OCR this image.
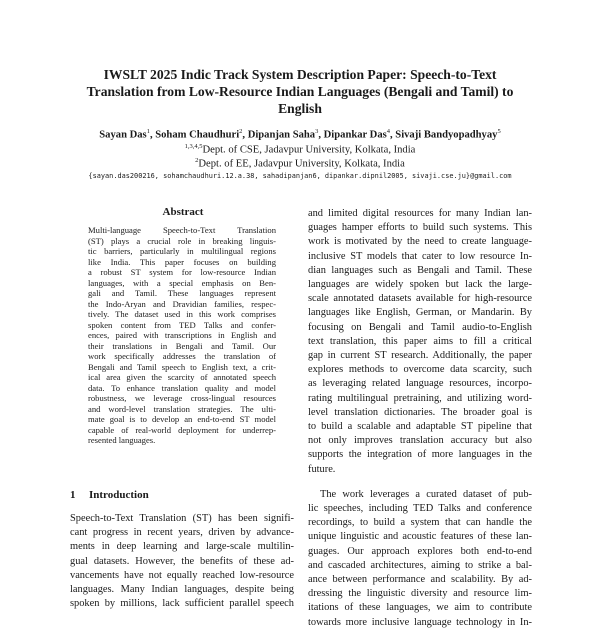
IWSLT 2025 Indic Track System Description Paper: Speech-to-Text
Translation from Low-Resource Indian Languages (Bengali and Tamil) to
English
Sayan Das$^1$, Soham Chaudhuri$^2$, Dipanjan Saha$^3$, Dipankar Das$^4$, Sivaji Bandyopadhyay$^5$
$^{1,3,4,5}$Dept. of CSE, Jadavpur University, Kolkata, India
$^2$Dept. of EE, Jadavpur University, Kolkata, India
{sayan.das200216, sohamchaudhuri.12.a.38, sahadipanjan6, dipankar.dipnil2005, sivaji.cse.ju}@gmail.com
Abstract
Multi-language Speech-to-Text Translation
(ST) plays a crucial role in breaking linguis-
tic barriers, particularly in multilingual regions
like India. This paper focuses on building
a robust ST system for low-resource Indian
languages, with a special emphasis on Ben-
gali and Tamil. These languages represent
the Indo-Aryan and Dravidian families, respec-
tively. The dataset used in this work comprises
spoken content from TED Talks and confer-
ences, paired with transcriptions in English and
their translations in Bengali and Tamil. Our
work specifically addresses the translation of
Bengali and Tamil speech to English text, a crit-
ical area given the scarcity of annotated speech
data. To enhance translation quality and model
robustness, we leverage cross-lingual resources
and word-level translation strategies. The ulti-
mate goal is to develop an end-to-end ST model
capable of real-world deployment for underrep-
resented languages.
1 Introduction
Speech-to-Text Translation (ST) has been signifi-
cant progress in recent years, driven by advance-
ments in deep learning and large-scale multilin-
gual datasets. However, the benefits of these ad-
vancements have not equally reached low-resource
languages. Many Indian languages, despite being
spoken by millions, lack sufficient parallel speech
and limited digital resources for many Indian lan-
guages hamper efforts to build such systems. This
work is motivated by the need to create language-
inclusive ST models that cater to low resource In-
dian languages such as Bengali and Tamil. These
languages are widely spoken but lack the large-
scale annotated datasets available for high-resource
languages like English, German, or Mandarin. By
focusing on Bengali and Tamil audio-to-English
text translation, this paper aims to fill a critical
gap in current ST research. Additionally, the paper
explores methods to overcome data scarcity, such
as leveraging related language resources, incorpo-
rating multilingual pretraining, and utilizing word-
level translation dictionaries. The broader goal is
to build a scalable and adaptable ST pipeline that
not only improves translation accuracy but also
supports the integration of more languages in the
future.
The work leverages a curated dataset of pub-
lic speeches, including TED Talks and conference
recordings, to build a system that can handle the
unique linguistic and acoustic features of these lan-
guages. Our approach explores both end-to-end
and cascaded architectures, aiming to strike a bal-
ance between performance and scalability. By ad-
dressing the linguistic diversity and resource lim-
itations of these languages, we aim to contribute
towards more inclusive language technology in In-
